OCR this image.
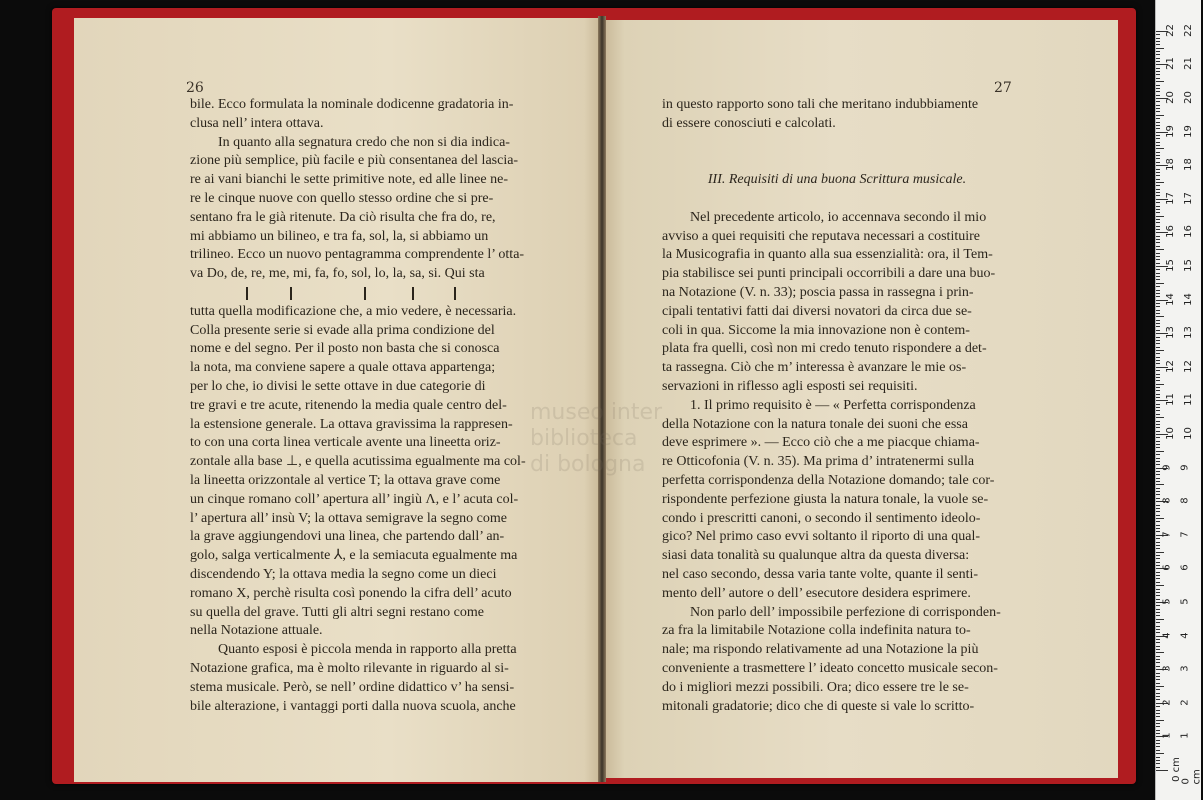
26	27
museo inter
biblioteca
di bologna
bile. Ecco formulata la nominale dodicenne gradatoria in-
clusa nell’ intera ottava.
In quanto alla segnatura credo che non si dia indica-
zione più semplice, più facile e più consentanea del lascia-
re ai vani bianchi le sette primitive note, ed alle linee ne-
re le cinque nuove con quello stesso ordine che si pre-
sentano fra le già ritenute. Da ciò risulta che fra do, re,
mi abbiamo un bilineo, e tra fa, sol, la, si abbiamo un
trilineo. Ecco un nuovo pentagramma comprendente l’ otta-
va Do, de, re, me, mi, fa, fo, sol, lo, la, sa, si. Qui sta
tutta quella modificazione che, a mio vedere, è necessaria.
Colla presente serie si evade alla prima condizione del
nome e del segno. Per il posto non basta che si conosca
la nota, ma conviene sapere a quale ottava appartenga;
per lo che, io divisi le sette ottave in due categorie di
tre gravi e tre acute, ritenendo la media quale centro del-
la estensione generale. La ottava gravissima la rappresen-
to con una corta linea verticale avente una lineetta oriz-
zontale alla base ⊥, e quella acutissima egualmente ma col-
la lineetta orizzontale al vertice T; la ottava grave come
un cinque romano coll’ apertura all’ ingiù Λ, e l’ acuta col-
l’ apertura all’ insù V; la ottava semigrave la segno come
la grave aggiungendovi una linea, che partendo dall’ an-
golo, salga verticalmente ⅄, e la semiacuta egualmente ma
discendendo Y; la ottava media la segno come un dieci
romano X, perchè risulta così ponendo la cifra dell’ acuto
su quella del grave. Tutti gli altri segni restano come
nella Notazione attuale.
Quanto esposi è piccola menda in rapporto alla pretta
Notazione grafica, ma è molto rilevante in riguardo al si-
stema musicale. Però, se nell’ ordine didattico v’ ha sensi-
bile alterazione, i vantaggi porti dalla nuova scuola, anche
in questo rapporto sono tali che meritano indubbiamente
di essere conosciuti e calcolati.
III. Requisiti di una buona Scrittura musicale.
Nel precedente articolo, io accennava secondo il mio
avviso a quei requisiti che reputava necessari a costituire
la Musicografia in quanto alla sua essenzialità: ora, il Tem-
pia stabilisce sei punti principali occorribili a dare una buo-
na Notazione (V. n. 33); poscia passa in rassegna i prin-
cipali tentativi fatti dai diversi novatori da circa due se-
coli in qua. Siccome la mia innovazione non è contem-
plata fra quelli, così non mi credo tenuto rispondere a det-
ta rassegna. Ciò che m’ interessa è avanzare le mie os-
servazioni in riflesso agli esposti sei requisiti.
1. Il primo requisito è — « Perfetta corrispondenza
della Notazione con la natura tonale dei suoni che essa
deve esprimere ». — Ecco ciò che a me piacque chiama-
re Otticofonia (V. n. 35). Ma prima d’ intratenermi sulla
perfetta corrispondenza della Notazione domando; tale cor-
rispondente perfezione giusta la natura tonale, la vuole se-
condo i prescritti canoni, o secondo il sentimento ideolo-
gico? Nel primo caso evvi soltanto il riporto di una qual-
siasi data tonalità su qualunque altra da questa diversa:
nel caso secondo, dessa varia tante volte, quante il senti-
mento dell’ autore o dell’ esecutore desidera esprimere.
Non parlo dell’ impossibile perfezione di corrisponden-
za fra la limitabile Notazione colla indefinita natura to-
nale; ma rispondo relativamente ad una Notazione la più
conveniente a trasmettere l’ ideato concetto musicale secon-
do i migliori mezzi possibili. Ora; dico essere tre le se-
mitonali gradatorie; dico che di queste si vale lo scritto-
0 cm
0 cm
1 1
2 2
3 3
4 4
5 5
6 6
7 7
8 8
9 9
10 10
11 11
12 12
13 13
14 14
15 15
16 16
17 17
18 18
19 19
20 20
21 21
22 22
